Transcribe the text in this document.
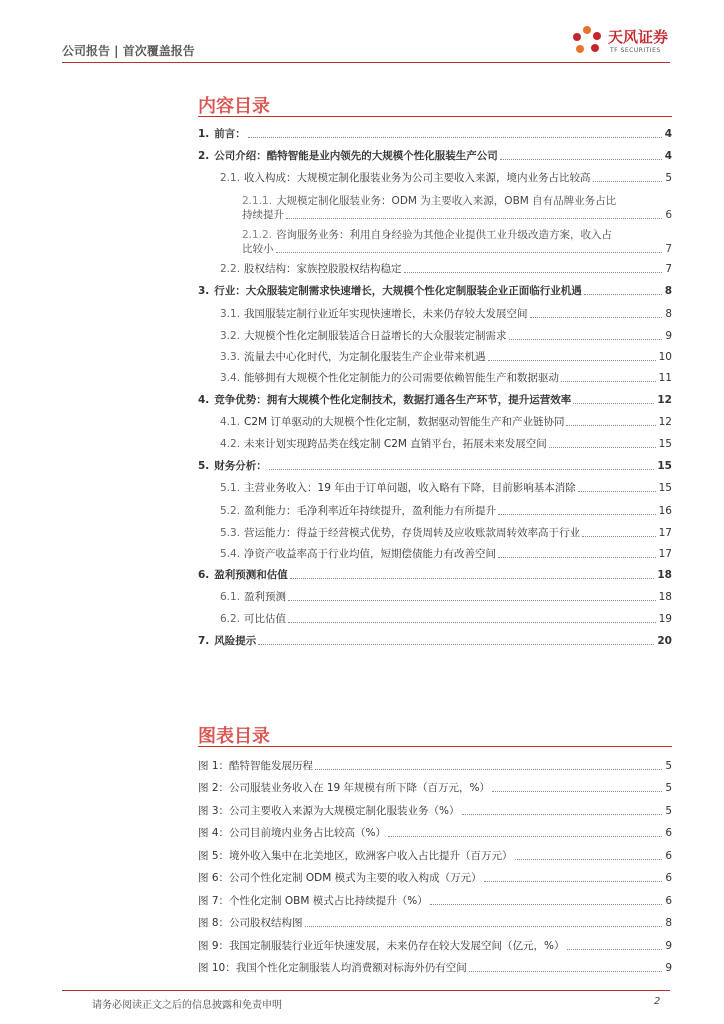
公司报告 | 首次覆盖报告
天风证券
TF SECURITIES
内容目录
1. 前言：	4
2. 公司介绍：酷特智能是业内领先的大规模个性化服装生产公司	4
2.1. 收入构成：大规模定制化服装业务为公司主要收入来源，境内业务占比较高	5
2.1.1. 大规模定制化服装业务：ODM 为主要收入来源，OBM 自有品牌业务占比
持续提升	6
2.1.2. 咨询服务业务：利用自身经验为其他企业提供工业升级改造方案，收入占
比较小	7
2.2. 股权结构：家族控股股权结构稳定	7
3. 行业：大众服装定制需求快速增长，大规模个性化定制服装企业正面临行业机遇	8
3.1. 我国服装定制行业近年实现快速增长，未来仍存较大发展空间	8
3.2. 大规模个性化定制服装适合日益增长的大众服装定制需求	9
3.3. 流量去中心化时代，为定制化服装生产企业带来机遇	10
3.4. 能够拥有大规模个性化定制能力的公司需要依赖智能生产和数据驱动	11
4. 竞争优势：拥有大规模个性化定制技术，数据打通各生产环节，提升运营效率	12
4.1. C2M 订单驱动的大规模个性化定制，数据驱动智能生产和产业链协同	12
4.2. 未来计划实现跨品类在线定制 C2M 直销平台，拓展未来发展空间	15
5. 财务分析：	15
5.1. 主营业务收入：19 年由于订单问题，收入略有下降，目前影响基本消除	15
5.2. 盈利能力：毛净利率近年持续提升，盈利能力有所提升	16
5.3. 营运能力：得益于经营模式优势，存货周转及应收账款周转效率高于行业	17
5.4. 净资产收益率高于行业均值，短期偿债能力有改善空间	17
6. 盈利预测和估值	18
6.1. 盈利预测	18
6.2. 可比估值	19
7. 风险提示	20
图表目录
图 1：酷特智能发展历程	5
图 2：公司服装业务收入在 19 年规模有所下降（百万元，%）	5
图 3：公司主要收入来源为大规模定制化服装业务（%）	5
图 4：公司目前境内业务占比较高（%）	6
图 5：境外收入集中在北美地区，欧洲客户收入占比提升（百万元）	6
图 6：公司个性化定制 ODM 模式为主要的收入构成（万元）	6
图 7：个性化定制 OBM 模式占比持续提升（%）	6
图 8：公司股权结构图	8
图 9：我国定制服装行业近年快速发展，未来仍存在较大发展空间（亿元，%）	9
图 10：我国个性化定制服装人均消费额对标海外仍有空间	9
请务必阅读正文之后的信息披露和免责申明	2
